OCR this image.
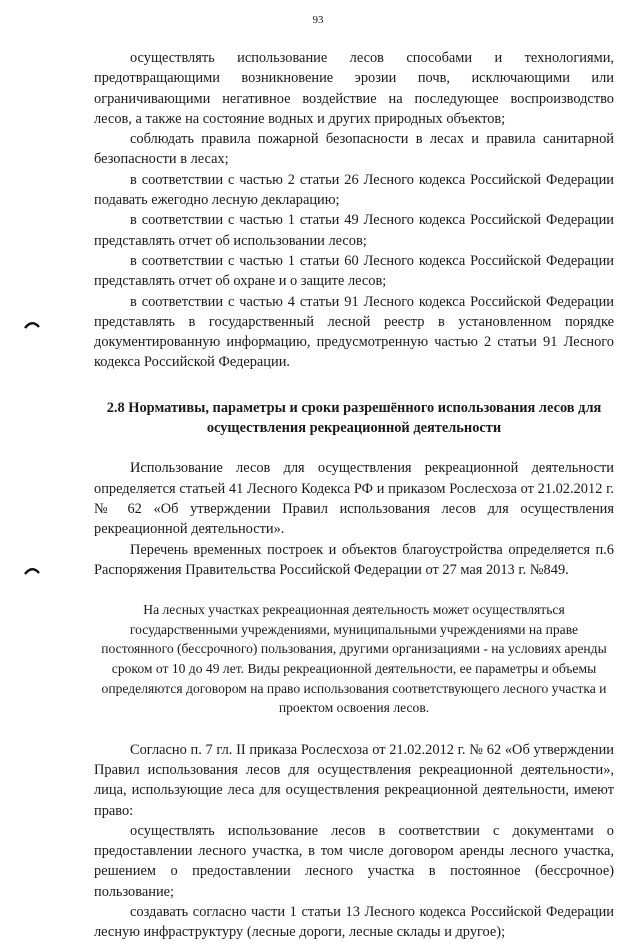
93

осуществлять использование лесов способами и технологиями, предотвращающими возникновение эрозии почв, исключающими или ограничивающими негативное воздействие на последующее воспроизводство лесов, а также на состояние водных и других природных объектов;

соблюдать правила пожарной безопасности в лесах и правила санитарной безопасности в лесах;

в соответствии с частью 2 статьи 26 Лесного кодекса Российской Федерации подавать ежегодно лесную декларацию;

в соответствии с частью 1 статьи 49 Лесного кодекса Российской Федерации представлять отчет об использовании лесов;

в соответствии с частью 1 статьи 60 Лесного кодекса Российской Федерации представлять отчет об охране и о защите лесов;

в соответствии с частью 4 статьи 91 Лесного кодекса Российской Федерации представлять в государственный лесной реестр в установленном порядке документированную информацию, предусмотренную частью 2 статьи 91 Лесного кодекса Российской Федерации.

2.8 Нормативы, параметры и сроки разрешённого использования лесов для осуществления рекреационной деятельности

Использование лесов для осуществления рекреационной деятельности определяется статьей 41 Лесного Кодекса РФ и приказом Рослесхоза от 21.02.2012 г. № 62 «Об утверждении Правил использования лесов для осуществления рекреационной деятельности».

Перечень временных построек и объектов благоустройства определяется п.6 Распоряжения Правительства Российской Федерации от 27 мая 2013 г. №849.

На лесных участках рекреационная деятельность может осуществляться государственными учреждениями, муниципальными учреждениями на праве постоянного (бессрочного) пользования, другими организациями - на условиях аренды сроком от 10 до 49 лет. Виды рекреационной деятельности, ее параметры и объемы определяются договором на право использования соответствующего лесного участка и проектом освоения лесов.

Согласно п. 7 гл. II приказа Рослесхоза от 21.02.2012 г. № 62 «Об утверждении Правил использования лесов для осуществления рекреационной деятельности», лица, использующие леса для осуществления рекреационной деятельности, имеют право:

осуществлять использование лесов в соответствии с документами о предоставлении лесного участка, в том числе договором аренды лесного участка, решением о предоставлении лесного участка в постоянное (бессрочное) пользование;

создавать согласно части 1 статьи 13 Лесного кодекса Российской Федерации лесную инфраструктуру (лесные дороги, лесные склады и другое);
